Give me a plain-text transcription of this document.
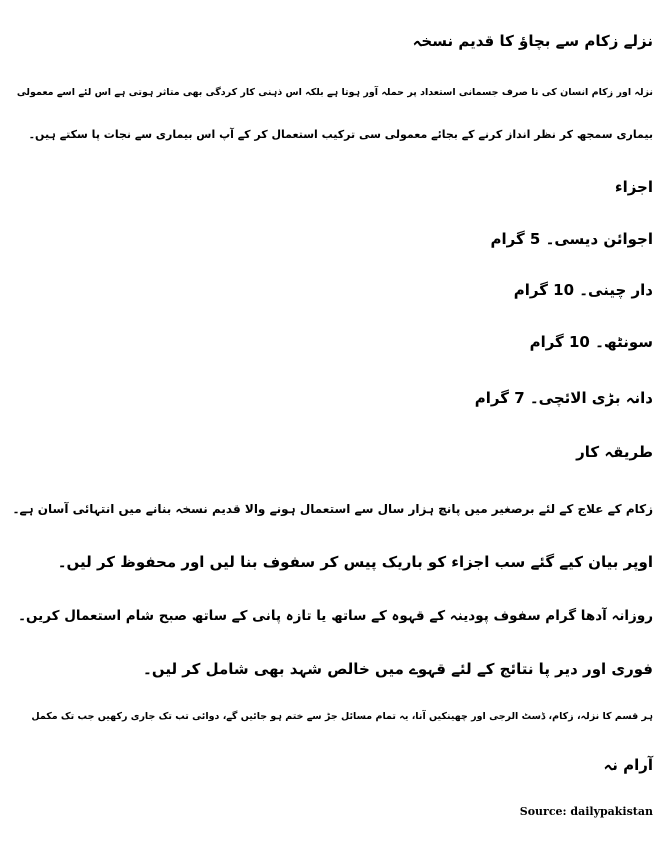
نزلے زکام سے بچاؤ کا قدیم نسخہ

نزلہ اور زکام انسان کی نا صرف جسمانی استعداد پر حملہ آور ہوتا ہے بلکہ اس ذہنی کار کردگی بھی متاثر ہوتی ہے اس لئے اسے معمولی

بیماری سمجھ کر نظر انداز کرنے کے بجائے معمولی سی ترکیب استعمال کر کے آپ اس بیماری سے نجات پا سکتے ہیں۔

اجزاء

اجوائن دیسی۔ 5 گرام

دار چینی۔ 10 گرام

سونٹھ۔ 10 گرام

دانہ بڑی الائچی۔ 7 گرام

طریقہ کار

زکام کے علاج کے لئے برصغیر میں پانچ ہزار سال سے استعمال ہونے والا قدیم نسخہ بنانے میں انتہائی آسان ہے۔

اوپر بیان کیے گئے سب اجزاء کو باریک پیس کر سفوف بنا لیں اور محفوظ کر لیں۔

روزانہ آدھا گرام سفوف پودینہ کے قہوہ کے ساتھ یا تازہ پانی کے ساتھ صبح شام استعمال کریں۔

فوری اور دیر پا نتائج کے لئے قہوے میں خالص شہد بھی شامل کر لیں۔

ہر قسم کا نزلہ، زکام، ڈسٹ الرجی اور چھینکیں آنا، یہ تمام مسائل جڑ سے ختم ہو جائیں گے، دوائی تب تک جاری رکھیں جب تک مکمل

آرام نہ

Source: dailypakistan
